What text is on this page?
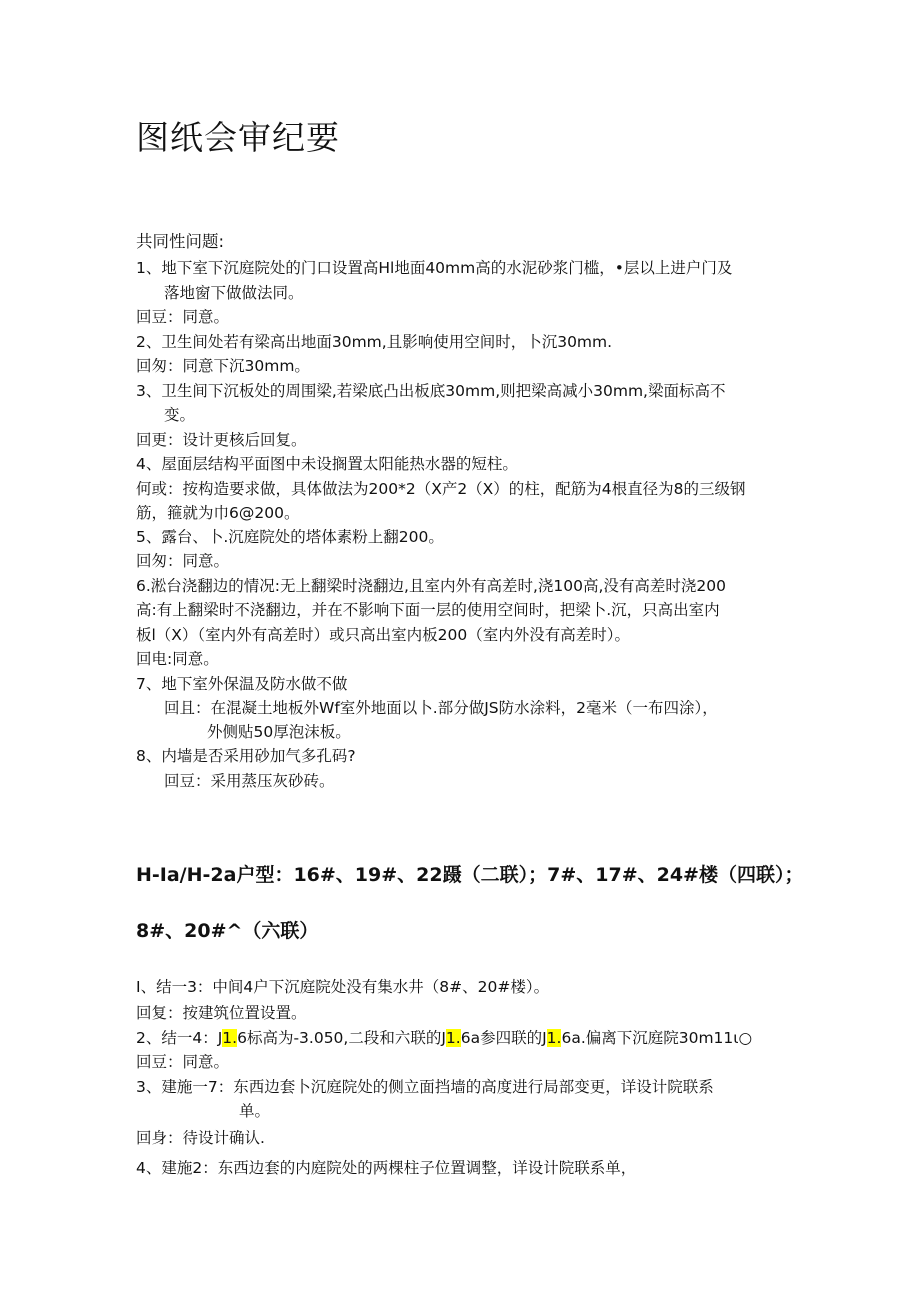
图纸会审纪要

共同性问题:

1、地下室下沉庭院处的门口设置高Hl地面40mm高的水泥砂浆门槛，•层以上进户门及

落地窗下做做法同。

回豆：同意。

2、卫生间处若有梁高出地面30mm,且影响使用空间时，卜沉30mm.

回匆：同意下沉30mm。

3、卫生间下沉板处的周围梁,若梁底凸出板底30mm,则把梁高减小30mm,梁面标高不

变。

回更：设计更核后回复。

4、屋面层结构平面图中未设搁置太阳能热水器的短柱。

何或：按构造要求做，具体做法为200*2（X产2（X）的柱，配筋为4根直径为8的三级钢

筋，箍就为巾6@200。

5、露台、卜.沉庭院处的塔体素粉上翻200。

回匆：同意。

6.淞台浇翻边的情况:无上翻梁时浇翻边,且室内外有高差时,浇100高,没有高差时浇200

高:有上翻梁时不浇翻边，并在不影响下面一层的使用空间时，把梁卜.沉，只高出室内

板l（X）（室内外有高差时）或只高出室内板200（室内外没有高差时）。

回电:同意。

7、地下室外保温及防水做不做

回且：在混凝土地板外Wf室外地面以卜.部分做JS防水涂料，2毫米（一布四涂），

外侧贴50厚泡沫板。

8、内墙是否采用砂加气多孔码?

回豆：采用蒸压灰砂砖。

H-Ia/H-2a户型：16#、19#、22蹑（二联）；7#、17#、24#楼（四联）；

8#、20#^（六联）

I、结一3：中间4户下沉庭院处没有集水井（8#、20#楼）。

回复：按建筑位置设置。

2、结一4：J1.6标高为-3.050,二段和六联的J1.6a参四联的J1.6a.偏离下沉庭院30m11ι○

回豆：同意。

3、建施一7：东西边套卜沉庭院处的侧立面挡墙的高度进行局部变更，详设计院联系

单。

回身：待设计确认.

4、建施2：东西边套的内庭院处的两棵柱子位置调整，详设计院联系单，
